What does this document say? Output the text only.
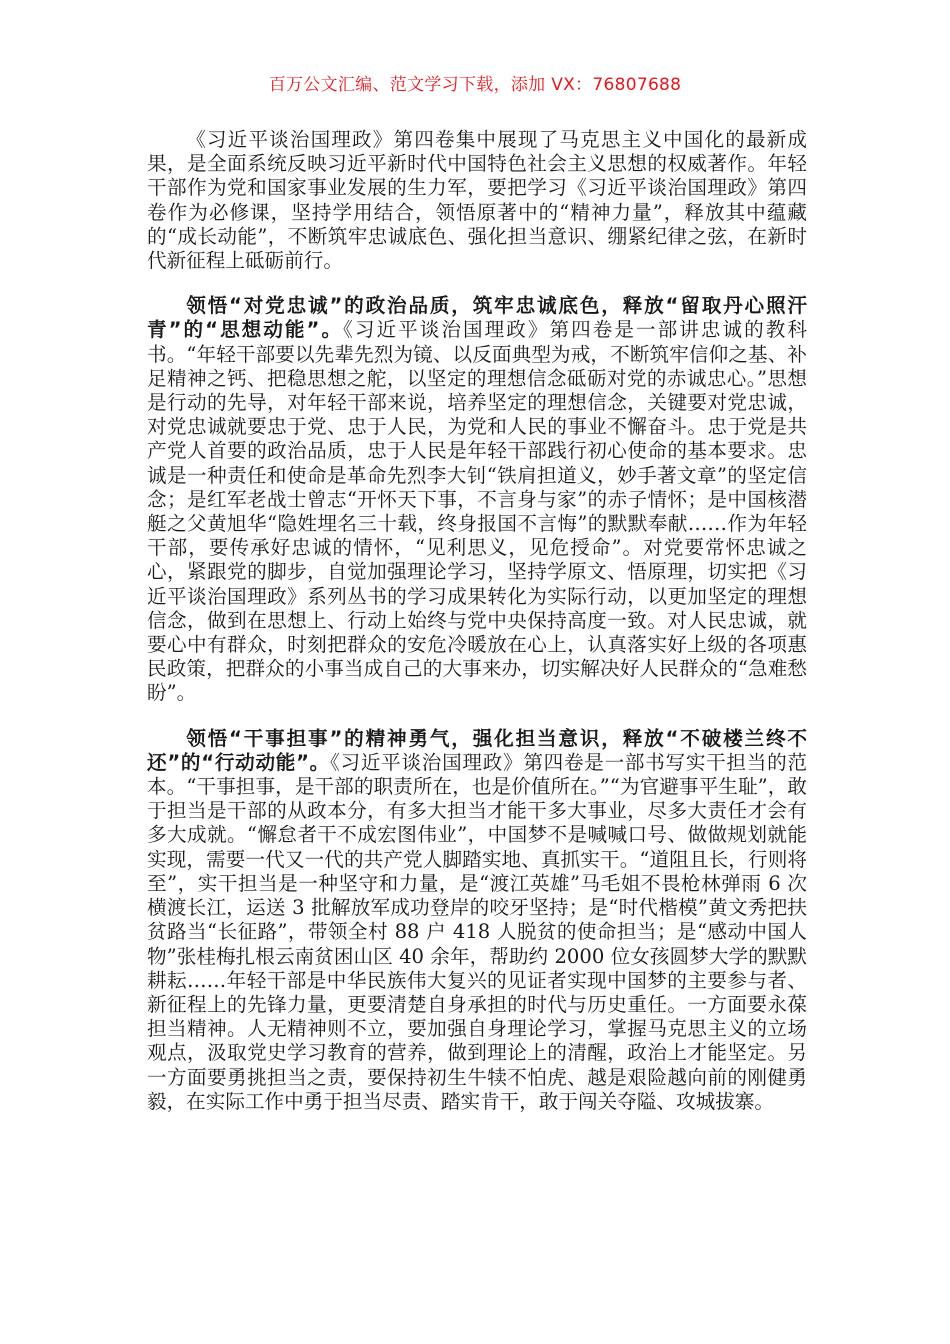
百万公文汇编、范文学习下载，添加 VX：76807688

《习近平谈治国理政》第四卷集中展现了马克思主义中国化的最新成果，是全面系统反映习近平新时代中国特色社会主义思想的权威著作。年轻干部作为党和国家事业发展的生力军，要把学习《习近平谈治国理政》第四卷作为必修课，坚持学用结合，领悟原著中的“精神力量”，释放其中蕴藏的“成长动能”，不断筑牢忠诚底色、强化担当意识、绷紧纪律之弦，在新时代新征程上砥砺前行。

领悟“对党忠诚”的政治品质，筑牢忠诚底色，释放“留取丹心照汗青”的“思想动能”。《习近平谈治国理政》第四卷是一部讲忠诚的教科书。“年轻干部要以先辈先烈为镜、以反面典型为戒，不断筑牢信仰之基、补足精神之钙、把稳思想之舵，以坚定的理想信念砥砺对党的赤诚忠心。”思想是行动的先导，对年轻干部来说，培养坚定的理想信念，关键要对党忠诚，对党忠诚就要忠于党、忠于人民，为党和人民的事业不懈奋斗。忠于党是共产党人首要的政治品质，忠于人民是年轻干部践行初心使命的基本要求。忠诚是一种责任和使命是革命先烈李大钊“铁肩担道义，妙手著文章”的坚定信念；是红军老战士曾志“开怀天下事，不言身与家”的赤子情怀；是中国核潜艇之父黄旭华“隐姓埋名三十载，终身报国不言悔”的默默奉献……作为年轻干部，要传承好忠诚的情怀，“见利思义，见危授命”。对党要常怀忠诚之心，紧跟党的脚步，自觉加强理论学习，坚持学原文、悟原理，切实把《习近平谈治国理政》系列丛书的学习成果转化为实际行动，以更加坚定的理想信念，做到在思想上、行动上始终与党中央保持高度一致。对人民忠诚，就要心中有群众，时刻把群众的安危冷暖放在心上，认真落实好上级的各项惠民政策，把群众的小事当成自己的大事来办，切实解决好人民群众的“急难愁盼”。

领悟“干事担事”的精神勇气，强化担当意识，释放“不破楼兰终不还”的“行动动能”。《习近平谈治国理政》第四卷是一部书写实干担当的范本。“干事担事，是干部的职责所在，也是价值所在。”“为官避事平生耻”，敢于担当是干部的从政本分，有多大担当才能干多大事业，尽多大责任才会有多大成就。“懈怠者干不成宏图伟业”，中国梦不是喊喊口号、做做规划就能实现，需要一代又一代的共产党人脚踏实地、真抓实干。“道阻且长，行则将至”，实干担当是一种坚守和力量，是“渡江英雄”马毛姐不畏枪林弹雨 6 次横渡长江，运送 3 批解放军成功登岸的咬牙坚持；是“时代楷模”黄文秀把扶贫路当“长征路”，带领全村 88 户 418 人脱贫的使命担当；是“感动中国人物”张桂梅扎根云南贫困山区 40 余年，帮助约 2000 位女孩圆梦大学的默默耕耘……年轻干部是中华民族伟大复兴的见证者实现中国梦的主要参与者、新征程上的先锋力量，更要清楚自身承担的时代与历史重任。一方面要永葆担当精神。人无精神则不立，要加强自身理论学习，掌握马克思主义的立场观点，汲取党史学习教育的营养，做到理论上的清醒，政治上才能坚定。另一方面要勇挑担当之责，要保持初生牛犊不怕虎、越是艰险越向前的刚健勇毅，在实际工作中勇于担当尽责、踏实肯干，敢于闯关夺隘、攻城拔寨。
